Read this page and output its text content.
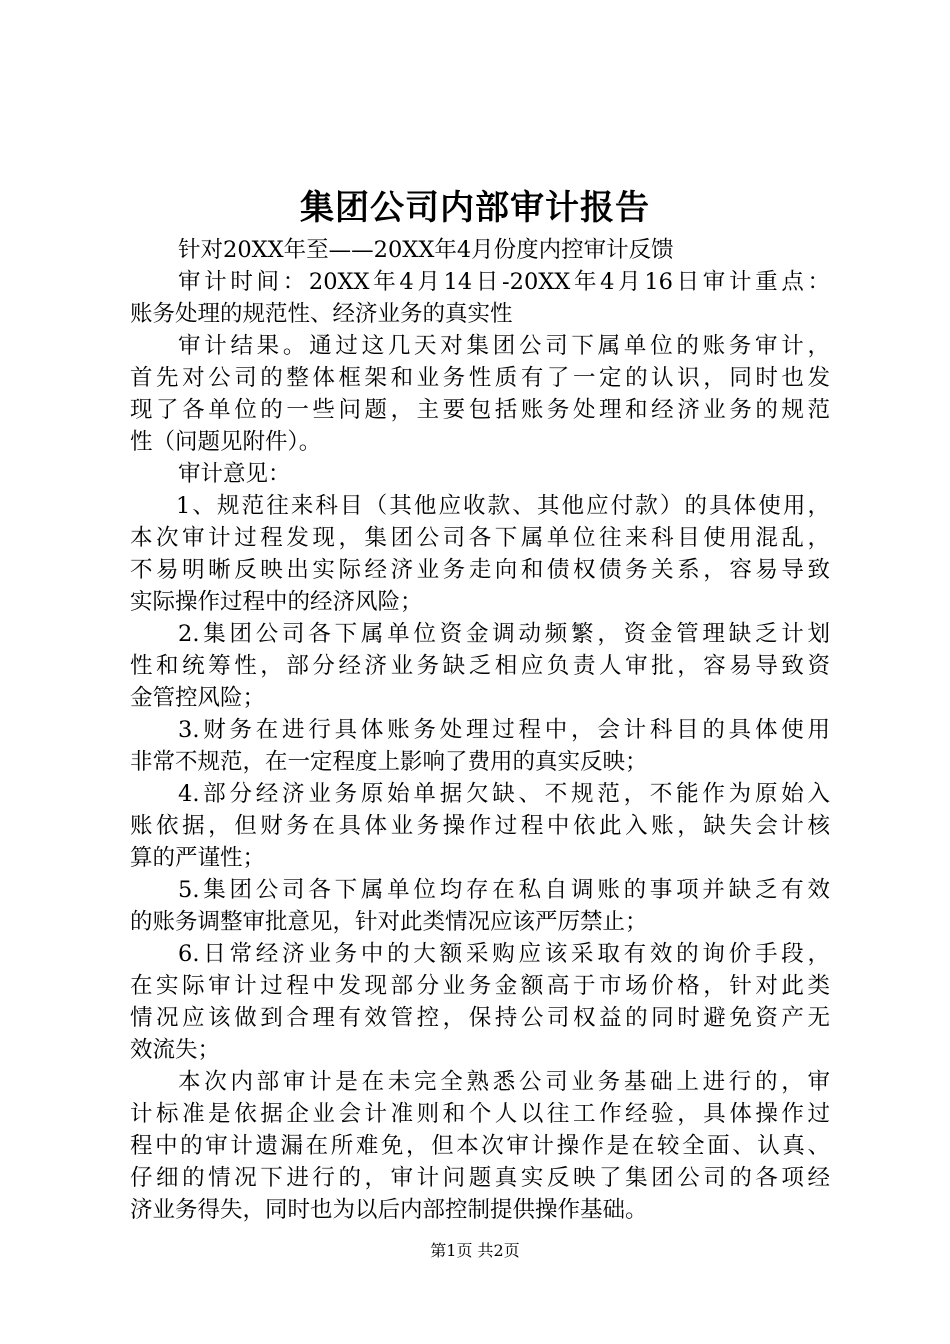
集团公司内部审计报告

针对20XX年至——20XX年4月份度内控审计反馈

审计时间：20XX年4月14日-20XX年4月16日审计重点：

账务处理的规范性、经济业务的真实性

审计结果。通过这几天对集团公司下属单位的账务审计，

首先对公司的整体框架和业务性质有了一定的认识，同时也发

现了各单位的一些问题，主要包括账务处理和经济业务的规范

性（问题见附件）。

审计意见：

1、规范往来科目（其他应收款、其他应付款）的具体使用，

本次审计过程发现，集团公司各下属单位往来科目使用混乱，

不易明晰反映出实际经济业务走向和债权债务关系，容易导致

实际操作过程中的经济风险；

2.集团公司各下属单位资金调动频繁，资金管理缺乏计划

性和统筹性，部分经济业务缺乏相应负责人审批，容易导致资

金管控风险；

3.财务在进行具体账务处理过程中，会计科目的具体使用

非常不规范，在一定程度上影响了费用的真实反映；

4.部分经济业务原始单据欠缺、不规范，不能作为原始入

账依据，但财务在具体业务操作过程中依此入账，缺失会计核

算的严谨性；

5.集团公司各下属单位均存在私自调账的事项并缺乏有效

的账务调整审批意见，针对此类情况应该严厉禁止；

6.日常经济业务中的大额采购应该采取有效的询价手段，

在实际审计过程中发现部分业务金额高于市场价格，针对此类

情况应该做到合理有效管控，保持公司权益的同时避免资产无

效流失；

本次内部审计是在未完全熟悉公司业务基础上进行的，审

计标准是依据企业会计准则和个人以往工作经验，具体操作过

程中的审计遗漏在所难免，但本次审计操作是在较全面、认真、

仔细的情况下进行的，审计问题真实反映了集团公司的各项经

济业务得失，同时也为以后内部控制提供操作基础。

第1页 共2页
